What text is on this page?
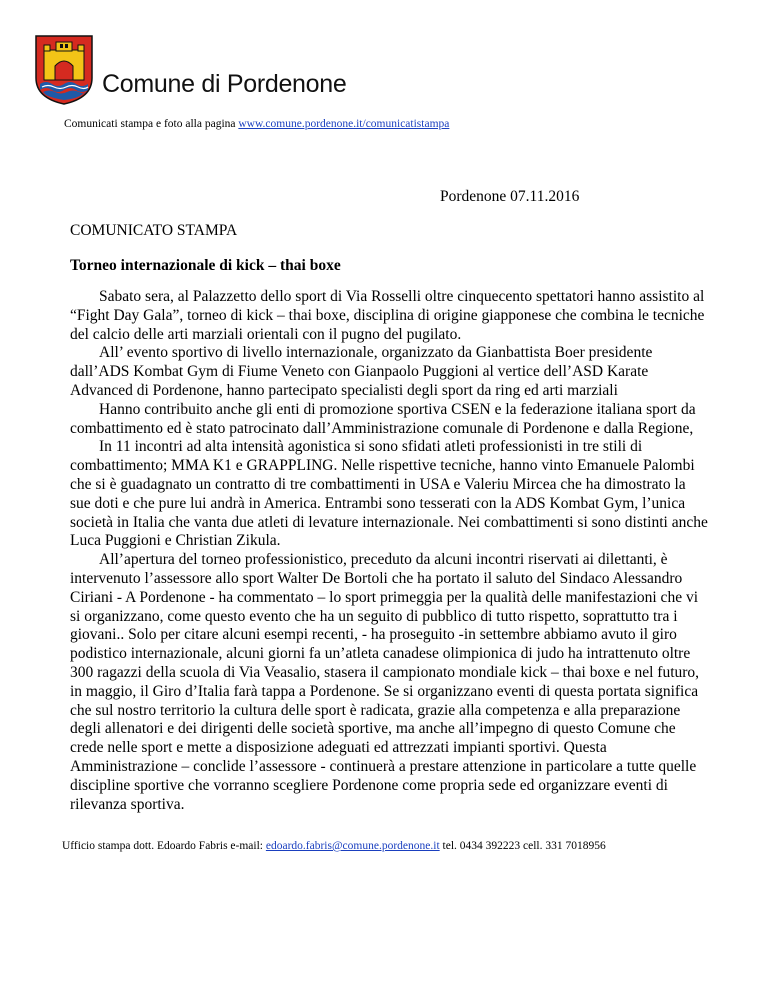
Comune di Pordenone
Comunicati stampa e foto alla pagina www.comune.pordenone.it/comunicatistampa
Pordenone 07.11.2016
COMUNICATO STAMPA
Torneo internazionale di kick – thai boxe

Sabato sera, al Palazzetto dello sport di Via Rosselli oltre cinquecento spettatori hanno assistito al “Fight Day Gala”, torneo di kick – thai boxe, disciplina di origine giapponese che combina le tecniche del calcio delle arti marziali orientali con il pugno del pugilato.

All’ evento sportivo di livello internazionale, organizzato da Gianbattista Boer presidente dall’ADS Kombat Gym di Fiume Veneto con Gianpaolo Puggioni al vertice dell’ASD Karate Advanced di Pordenone, hanno partecipato specialisti degli sport da ring ed arti marziali

Hanno contribuito anche gli enti di promozione sportiva CSEN e la federazione italiana sport da combattimento ed è stato patrocinato dall’Amministrazione comunale di Pordenone e dalla Regione,

In 11 incontri ad alta intensità agonistica si sono sfidati atleti professionisti in tre stili di combattimento; MMA K1 e GRAPPLING. Nelle rispettive tecniche, hanno vinto Emanuele Palombi che si è guadagnato un contratto di tre combattimenti in USA e Valeriu Mircea che ha dimostrato la sue doti e che pure lui andrà in America. Entrambi sono tesserati con la ADS Kombat Gym, l’unica società in Italia che vanta due atleti di levature internazionale. Nei combattimenti si sono distinti anche Luca Puggioni e Christian Zikula.

All’apertura del torneo professionistico, preceduto da alcuni incontri riservati ai dilettanti, è intervenuto l’assessore allo sport Walter De Bortoli che ha portato il saluto del Sindaco Alessandro Ciriani - A Pordenone - ha commentato – lo sport primeggia per la qualità delle manifestazioni che vi si organizzano, come questo evento che ha un seguito di pubblico di tutto rispetto, soprattutto tra i giovani.. Solo per citare alcuni esempi recenti, - ha proseguito -in settembre abbiamo avuto il giro podistico internazionale, alcuni giorni fa un’atleta canadese olimpionica di judo ha intrattenuto oltre 300 ragazzi della scuola di Via Veasalio, stasera il campionato mondiale kick – thai boxe e nel futuro, in maggio, il Giro d’Italia farà tappa a Pordenone. Se si organizzano eventi di questa portata significa che sul nostro territorio la cultura delle sport è radicata, grazie alla competenza e alla preparazione degli allenatori e dei dirigenti delle società sportive, ma anche all’impegno di questo Comune che crede nelle sport e mette a disposizione adeguati ed attrezzati impianti sportivi. Questa Amministrazione – conclide l’assessore - continuerà a prestare attenzione in particolare a tutte quelle discipline sportive che vorranno scegliere Pordenone come propria sede ed organizzare eventi di rilevanza sportiva.

Ufficio stampa dott. Edoardo Fabris e-mail: edoardo.fabris@comune.pordenone.it tel. 0434 392223 cell. 331 7018956
